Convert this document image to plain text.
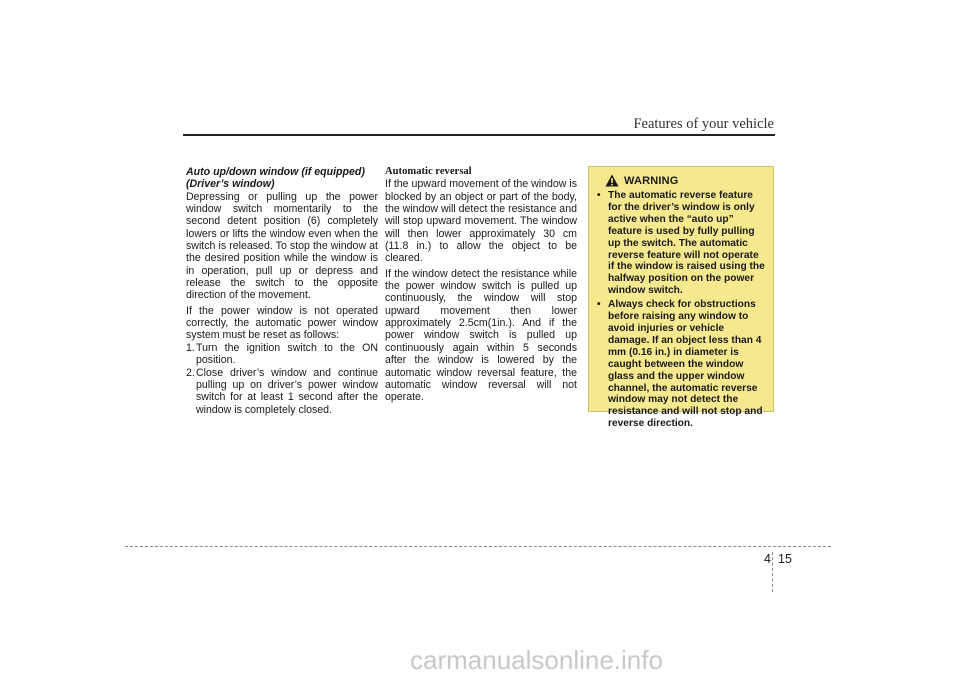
Features of your vehicle

Auto up/down window (if equipped)

(Driver’s window)

Depressing or pulling up the power window switch momentarily to the second detent position (6) completely lowers or lifts the window even when the switch is released. To stop the window at the desired position while the window is in operation, pull up or depress and release the switch to the opposite direction of the movement.

If the power window is not operated correctly, the automatic power window system must be reset as follows:

1. Turn the ignition switch to the ON position.
2. Close driver’s window and continue pulling up on driver’s power window switch for at least 1 second after the window is completely closed.

Automatic reversal

If the upward movement of the window is blocked by an object or part of the body, the window will detect the resistance and will stop upward movement. The window will then lower approximately 30 cm (11.8 in.) to allow the object to be cleared.

If the window detect the resistance while the power window switch is pulled up continuously, the window will stop upward movement then lower approximately 2.5cm(1in.). And if the power window switch is pulled up continuously again within 5 seconds after the window is lowered by the automatic window reversal feature, the automatic window reversal will not operate.

WARNING
• The automatic reverse feature for the driver’s window is only active when the “auto up” feature is used by fully pulling up the switch. The automatic reverse feature will not operate if the window is raised using the halfway position on the power window switch.
• Always check for obstructions before raising any window to avoid injuries or vehicle damage. If an object less than 4 mm (0.16 in.) in diameter is caught between the window glass and the upper window channel, the automatic reverse window may not detect the resistance and will not stop and reverse direction.
4 15
carmanualsonline.info
